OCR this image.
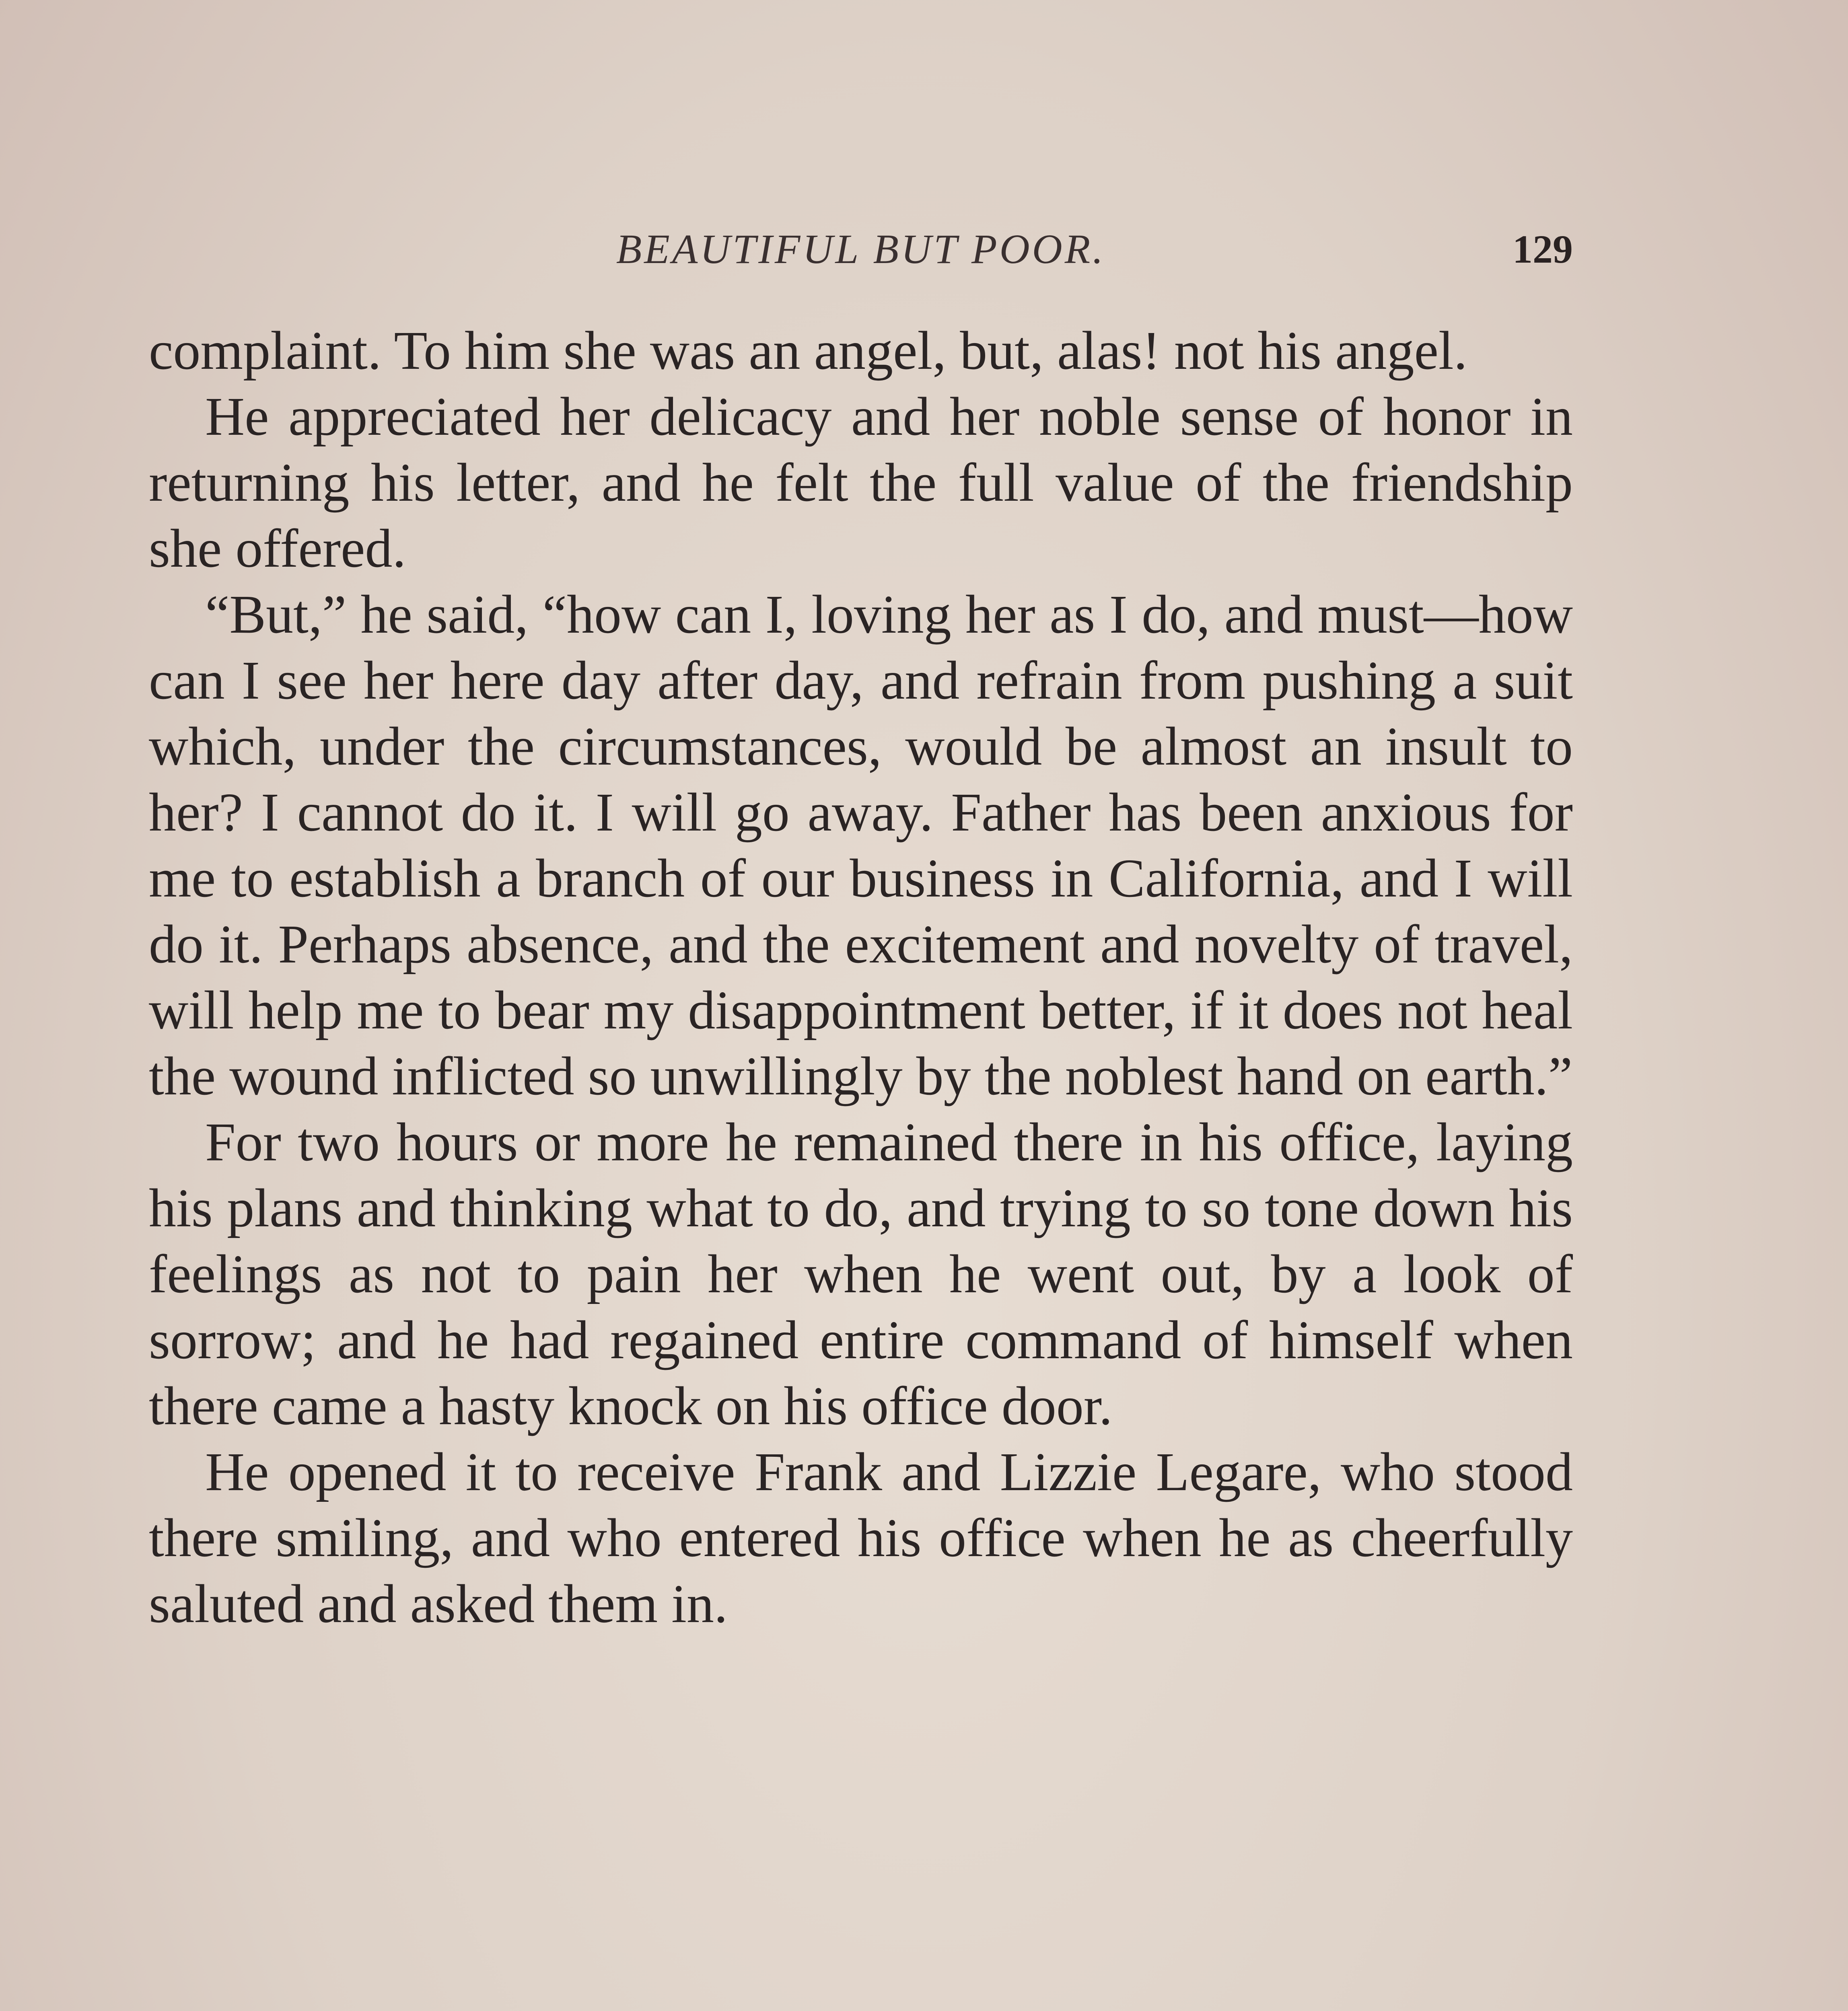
BEAUTIFUL BUT POOR.	129

complaint. To him she was an angel, but, alas! not his angel.

He appreciated her delicacy and her noble sense of honor in returning his letter, and he felt the full value of the friendship she offered.

“But,” he said, “how can I, loving her as I do, and must—how can I see her here day after day, and refrain from pushing a suit which, under the circumstances, would be almost an insult to her? I cannot do it. I will go away. Father has been anxious for me to establish a branch of our business in California, and I will do it. Perhaps absence, and the excitement and novelty of travel, will help me to bear my disappointment better, if it does not heal the wound inflicted so unwillingly by the noblest hand on earth.”

For two hours or more he remained there in his office, laying his plans and thinking what to do, and trying to so tone down his feelings as not to pain her when he went out, by a look of sorrow; and he had regained entire command of himself when there came a hasty knock on his office door.

He opened it to receive Frank and Lizzie Legare, who stood there smiling, and who entered his office when he as cheerfully saluted and asked them in.
